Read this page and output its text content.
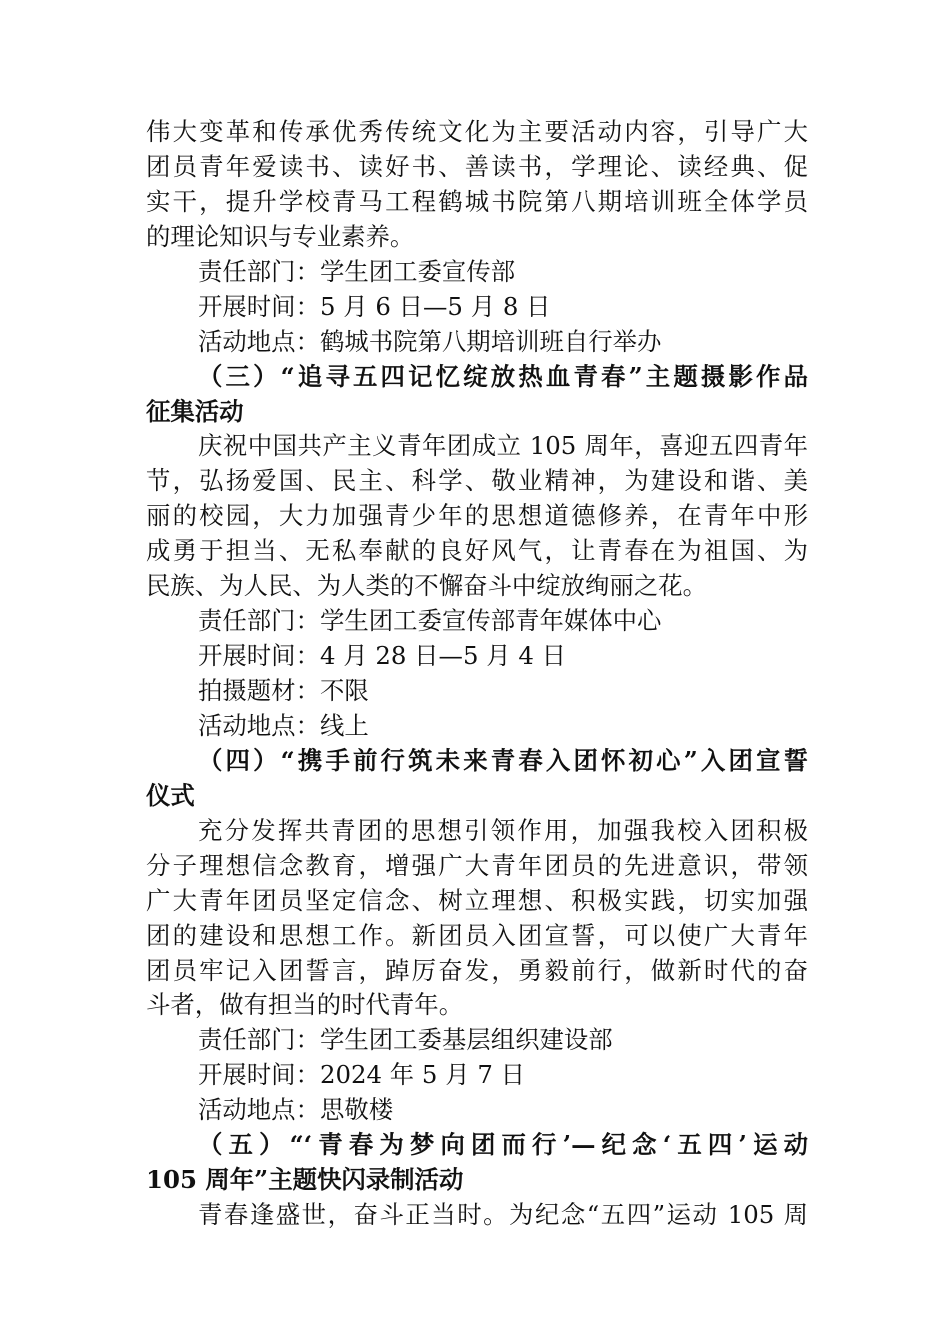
伟大变革和传承优秀传统文化为主要活动内容，引导广大
团员青年爱读书、读好书、善读书，学理论、读经典、促
实干，提升学校青马工程鹤城书院第八期培训班全体学员
的理论知识与专业素养。
责任部门：学生团工委宣传部
开展时间：5 月 6 日—5 月 8 日
活动地点：鹤城书院第八期培训班自行举办
（三）“追寻五四记忆绽放热血青春”主题摄影作品
征集活动
庆祝中国共产主义青年团成立 105 周年，喜迎五四青年
节，弘扬爱国、民主、科学、敬业精神，为建设和谐、美
丽的校园，大力加强青少年的思想道德修养，在青年中形
成勇于担当、无私奉献的良好风气，让青春在为祖国、为
民族、为人民、为人类的不懈奋斗中绽放绚丽之花。
责任部门：学生团工委宣传部青年媒体中心
开展时间：4 月 28 日—5 月 4 日
拍摄题材：不限
活动地点：线上
（四）“携手前行筑未来青春入团怀初心”入团宣誓
仪式
充分发挥共青团的思想引领作用，加强我校入团积极
分子理想信念教育，增强广大青年团员的先进意识，带领
广大青年团员坚定信念、树立理想、积极实践，切实加强
团的建设和思想工作。新团员入团宣誓，可以使广大青年
团员牢记入团誓言，踔厉奋发，勇毅前行，做新时代的奋
斗者，做有担当的时代青年。
责任部门：学生团工委基层组织建设部
开展时间：2024 年 5 月 7 日
活动地点：思敬楼
（五）“‘青春为梦向团而行’—纪念‘五四’运动
105 周年”主题快闪录制活动
青春逢盛世，奋斗正当时。为纪念“五四”运动 105 周
